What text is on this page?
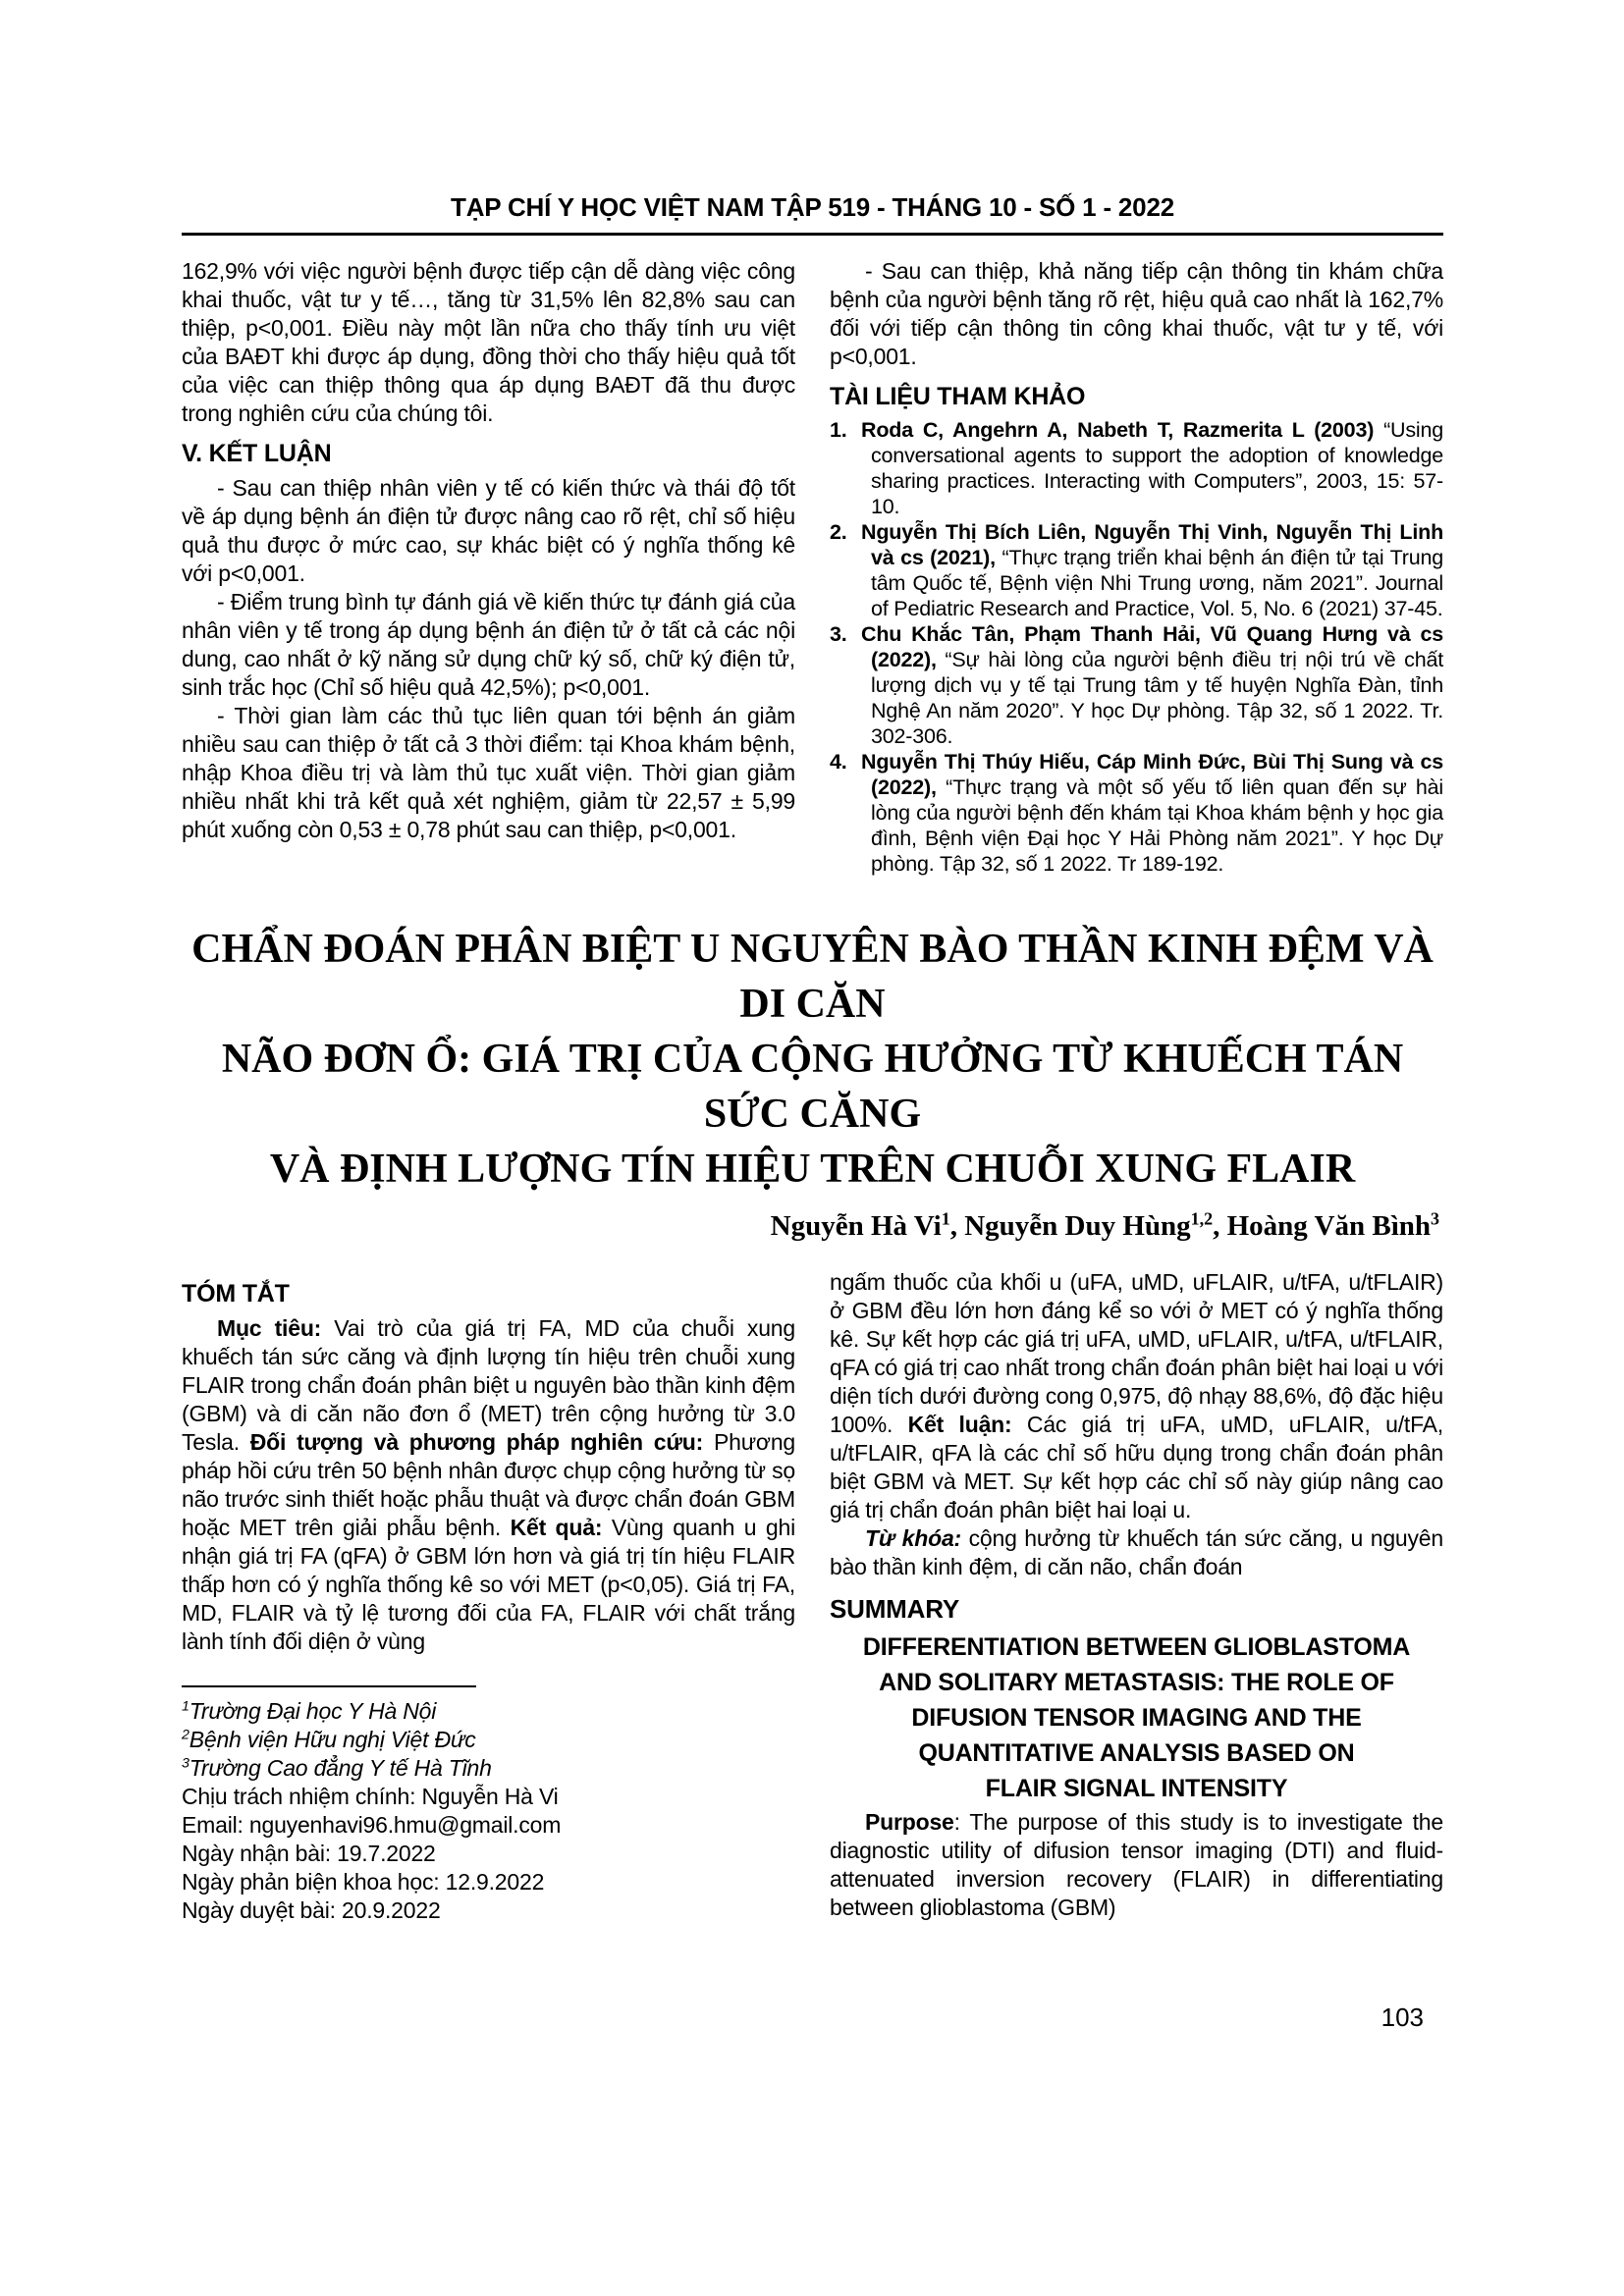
TẠP CHÍ Y HỌC VIỆT NAM TẬP 519 - THÁNG 10 - SỐ 1 - 2022

162,9% với việc người bệnh được tiếp cận dễ dàng việc công khai thuốc, vật tư y tế…, tăng từ 31,5% lên 82,8% sau can thiệp, p<0,001. Điều này một lần nữa cho thấy tính ưu việt của BAĐT khi được áp dụng, đồng thời cho thấy hiệu quả tốt của việc can thiệp thông qua áp dụng BAĐT đã thu được trong nghiên cứu của chúng tôi.

V. KẾT LUẬN

- Sau can thiệp nhân viên y tế có kiến thức và thái độ tốt về áp dụng bệnh án điện tử được nâng cao rõ rệt, chỉ số hiệu quả thu được ở mức cao, sự khác biệt có ý nghĩa thống kê với p<0,001.

- Điểm trung bình tự đánh giá về kiến thức tự đánh giá của nhân viên y tế trong áp dụng bệnh án điện tử ở tất cả các nội dung, cao nhất ở kỹ năng sử dụng chữ ký số, chữ ký điện tử, sinh trắc học (Chỉ số hiệu quả 42,5%); p<0,001.

- Thời gian làm các thủ tục liên quan tới bệnh án giảm nhiều sau can thiệp ở tất cả 3 thời điểm: tại Khoa khám bệnh, nhập Khoa điều trị và làm thủ tục xuất viện. Thời gian giảm nhiều nhất khi trả kết quả xét nghiệm, giảm từ 22,57 ± 5,99 phút xuống còn 0,53 ± 0,78 phút sau can thiệp, p<0,001.

- Sau can thiệp, khả năng tiếp cận thông tin khám chữa bệnh của người bệnh tăng rõ rệt, hiệu quả cao nhất là 162,7% đối với tiếp cận thông tin công khai thuốc, vật tư y tế, với p<0,001.

TÀI LIỆU THAM KHẢO

1. Roda C, Angehrn A, Nabeth T, Razmerita L (2003) “Using conversational agents to support the adoption of knowledge sharing practices. Interacting with Computers”, 2003, 15: 57-10.

2. Nguyễn Thị Bích Liên, Nguyễn Thị Vinh, Nguyễn Thị Linh và cs (2021), “Thực trạng triển khai bệnh án điện tử tại Trung tâm Quốc tế, Bệnh viện Nhi Trung ương, năm 2021”. Journal of Pediatric Research and Practice, Vol. 5, No. 6 (2021) 37-45.

3. Chu Khắc Tân, Phạm Thanh Hải, Vũ Quang Hưng và cs (2022), “Sự hài lòng của người bệnh điều trị nội trú về chất lượng dịch vụ y tế tại Trung tâm y tế huyện Nghĩa Đàn, tỉnh Nghệ An năm 2020”. Y học Dự phòng. Tập 32, số 1 2022. Tr. 302-306.

4. Nguyễn Thị Thúy Hiếu, Cáp Minh Đức, Bùi Thị Sung và cs (2022), “Thực trạng và một số yếu tố liên quan đến sự hài lòng của người bệnh đến khám tại Khoa khám bệnh y học gia đình, Bệnh viện Đại học Y Hải Phòng năm 2021”. Y học Dự phòng. Tập 32, số 1 2022. Tr 189-192.

CHẨN ĐOÁN PHÂN BIỆT U NGUYÊN BÀO THẦN KINH ĐỆM VÀ DI CĂN
NÃO ĐƠN Ổ: GIÁ TRỊ CỦA CỘNG HƯỞNG TỪ KHUẾCH TÁN SỨC CĂNG
VÀ ĐỊNH LƯỢNG TÍN HIỆU TRÊN CHUỖI XUNG FLAIR
Nguyễn Hà Vi$^1$, Nguyễn Duy Hùng$^{1,2}$, Hoàng Văn Bình$^3$
TÓM TẮT

Mục tiêu: Vai trò của giá trị FA, MD của chuỗi xung khuếch tán sức căng và định lượng tín hiệu trên chuỗi xung FLAIR trong chẩn đoán phân biệt u nguyên bào thần kinh đệm (GBM) và di căn não đơn ổ (MET) trên cộng hưởng từ 3.0 Tesla. Đối tượng và phương pháp nghiên cứu: Phương pháp hồi cứu trên 50 bệnh nhân được chụp cộng hưởng từ sọ não trước sinh thiết hoặc phẫu thuật và được chẩn đoán GBM hoặc MET trên giải phẫu bệnh. Kết quả: Vùng quanh u ghi nhận giá trị FA (qFA) ở GBM lớn hơn và giá trị tín hiệu FLAIR thấp hơn có ý nghĩa thống kê so với MET (p<0,05). Giá trị FA, MD, FLAIR và tỷ lệ tương đối của FA, FLAIR với chất trắng lành tính đối diện ở vùng

$^1$Trường Đại học Y Hà Nội
$^2$Bệnh viện Hữu nghị Việt Đức
$^3$Trường Cao đẳng Y tế Hà Tĩnh
Chịu trách nhiệm chính: Nguyễn Hà Vi
Email: nguyenhavi96.hmu@gmail.com
Ngày nhận bài: 19.7.2022
Ngày phản biện khoa học: 12.9.2022
Ngày duyệt bài: 20.9.2022

ngấm thuốc của khối u (uFA, uMD, uFLAIR, u/tFA, u/tFLAIR) ở GBM đều lớn hơn đáng kể so với ở MET có ý nghĩa thống kê. Sự kết hợp các giá trị uFA, uMD, uFLAIR, u/tFA, u/tFLAIR, qFA có giá trị cao nhất trong chẩn đoán phân biệt hai loại u với diện tích dưới đường cong 0,975, độ nhạy 88,6%, độ đặc hiệu 100%. Kết luận: Các giá trị uFA, uMD, uFLAIR, u/tFA, u/tFLAIR, qFA là các chỉ số hữu dụng trong chẩn đoán phân biệt GBM và MET. Sự kết hợp các chỉ số này giúp nâng cao giá trị chẩn đoán phân biệt hai loại u.

Từ khóa: cộng hưởng từ khuếch tán sức căng, u nguyên bào thần kinh đệm, di căn não, chẩn đoán

SUMMARY
DIFFERENTIATION BETWEEN GLIOBLASTOMA
AND SOLITARY METASTASIS: THE ROLE OF
DIFUSION TENSOR IMAGING AND THE
QUANTITATIVE ANALYSIS BASED ON
FLAIR SIGNAL INTENSITY

Purpose: The purpose of this study is to investigate the diagnostic utility of difusion tensor imaging (DTI) and fluid-attenuated inversion recovery (FLAIR) in differentiating between glioblastoma (GBM)

103
